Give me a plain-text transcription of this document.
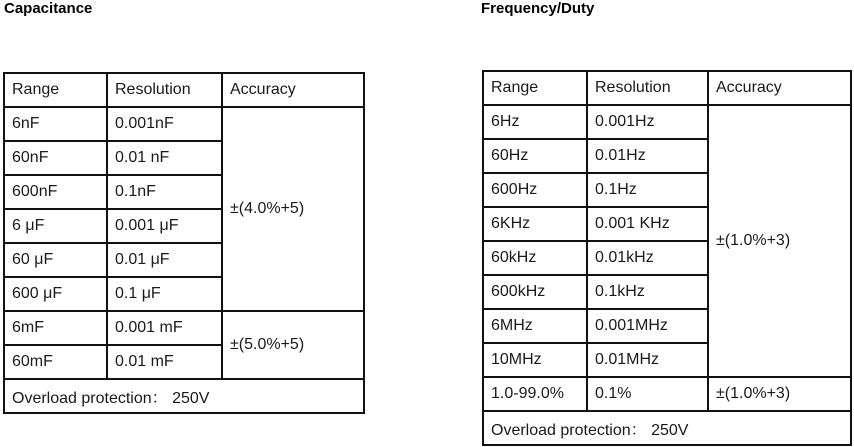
Capacitance	Frequency/Duty
Range	Resolution	Accuracy
6nF	0.001nF	±(4.0%+5)
60nF	0.01 nF	
600nF	0.1nF	
6 μF	0.001 μF	
60 μF	0.01 μF	
600 μF	0.1 μF	
6mF	0.001 mF	±(5.0%+5)
60mF	0.01 mF	
Overload protection： 250V		
Range	Resolution	Accuracy
6Hz	0.001Hz	±(1.0%+3)
60Hz	0.01Hz	
600Hz	0.1Hz	
6KHz	0.001 KHz	
60kHz	0.01kHz	
600kHz	0.1kHz	
6MHz	0.001MHz	
10MHz	0.01MHz	
1.0-99.0%	0.1%	±(1.0%+3)
Overload protection： 250V		
